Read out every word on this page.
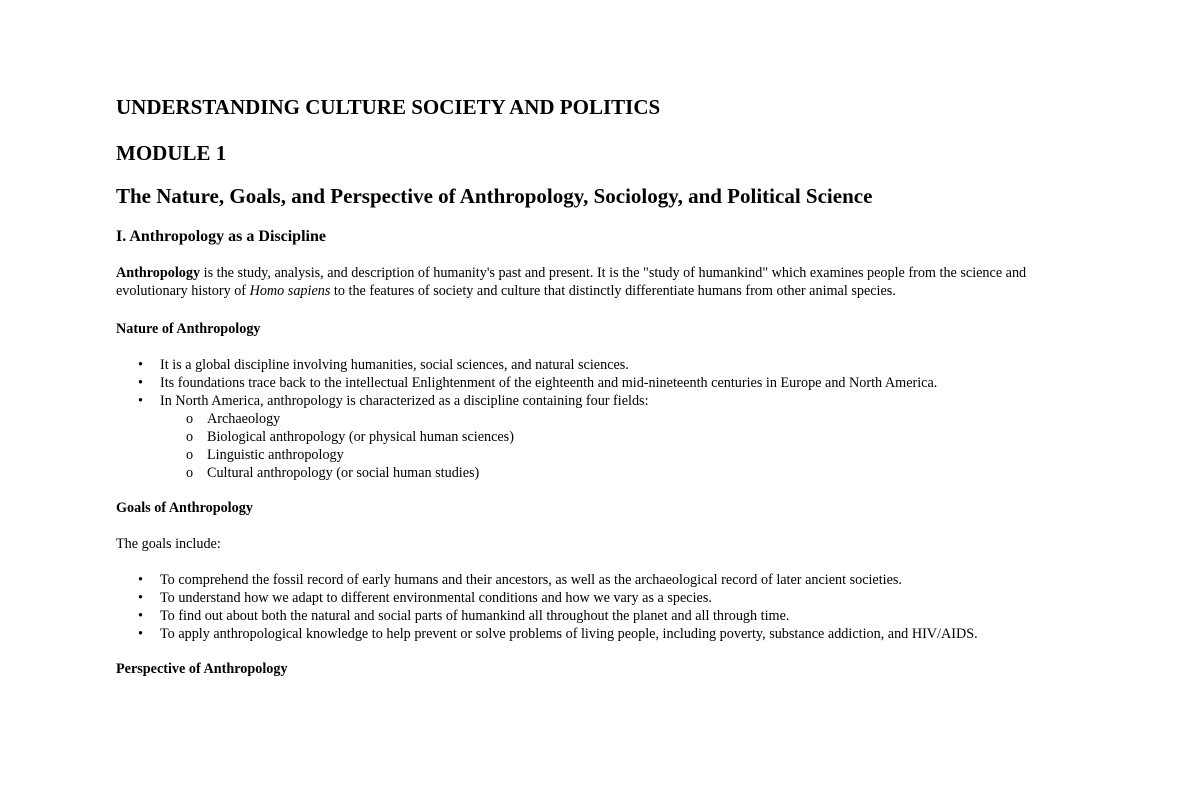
UNDERSTANDING CULTURE SOCIETY AND POLITICS
MODULE 1
The Nature, Goals, and Perspective of Anthropology, Sociology, and Political Science
I. Anthropology as a Discipline

Anthropology is the study, analysis, and description of humanity's past and present. It is the "study of humankind" which examines people from the science and evolutionary history of Homo sapiens to the features of society and culture that distinctly differentiate humans from other animal species.

Nature of Anthropology

• It is a global discipline involving humanities, social sciences, and natural sciences.
• Its foundations trace back to the intellectual Enlightenment of the eighteenth and mid-nineteenth centuries in Europe and North America.
• In North America, anthropology is characterized as a discipline containing four fields:
o Archaeology
o Biological anthropology (or physical human sciences)
o Linguistic anthropology
o Cultural anthropology (or social human studies)

Goals of Anthropology

The goals include:

• To comprehend the fossil record of early humans and their ancestors, as well as the archaeological record of later ancient societies.
• To understand how we adapt to different environmental conditions and how we vary as a species.
• To find out about both the natural and social parts of humankind all throughout the planet and all through time.
• To apply anthropological knowledge to help prevent or solve problems of living people, including poverty, substance addiction, and HIV/AIDS.

Perspective of Anthropology
